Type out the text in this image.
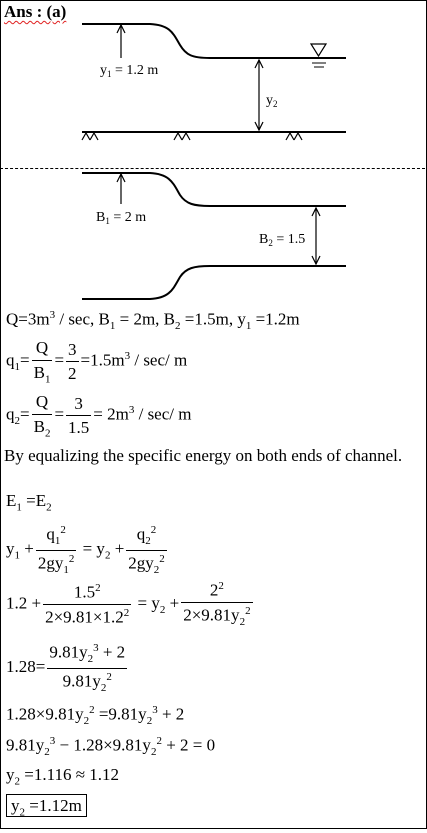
Ans : (a)
$y_1 = 1.2$ m
$y_2$
$B_1 = 2$ m
$B_2 = 1.5$
$Q=3m^3 / \sec$, $B_1 = 2m$, $B_2 =1.5m$, $y_1 =1.2m$
$q_1= \frac{Q}{B_1} = \frac{3}{2} =1.5m^3 / \sec/$ m
$q_2= \frac{Q}{B_2} = \frac{3}{1.5} = 2m^3 / \sec/$ m
By equalizing the specific energy on both ends of channel.
$E_1 =E_2$
$y_1 + \frac{q_1^2}{2gy_1^2} = y_2 + \frac{q_2^2}{2gy_2^2}$
$1.2 + \frac{1.5^2}{2\times 9.81\times 1.2^2} = y_2 + \frac{2^2}{2\times 9.81y_2^2}$
$1.28= \frac{9.81y_2^3 + 2}{9.81y_2^2}$
$1.28\times 9.81y_2^2 =9.81y_2^3 + 2$
$9.81y_2^3 - 1.28\times 9.81y_2^2 + 2 = 0$
$y_2 =1.116 \approx 1.12$
$y_2 =1.12m$
